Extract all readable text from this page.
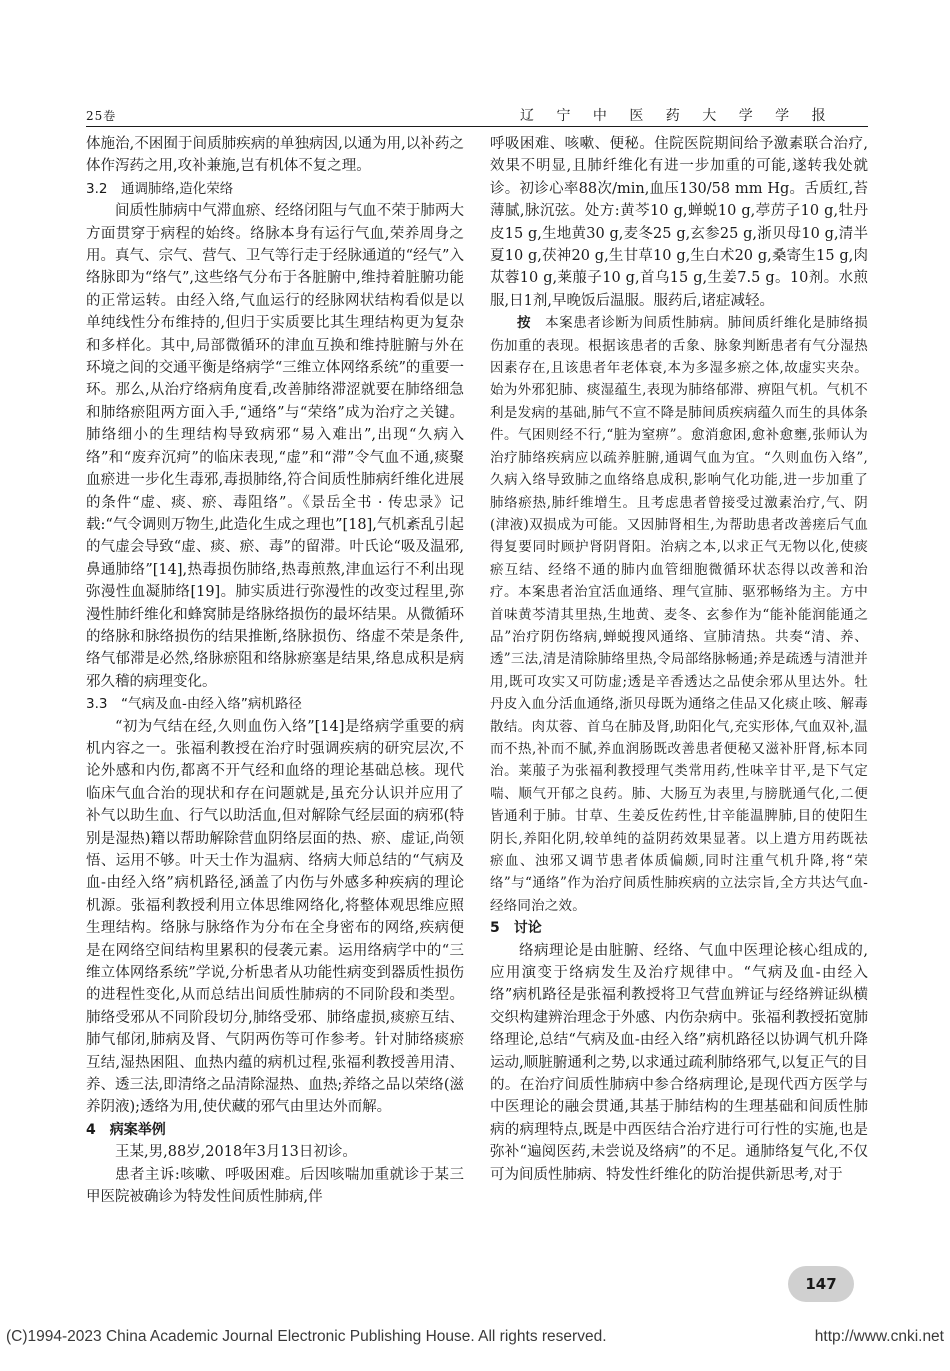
25卷	辽 宁 中 医 药 大 学 学 报

体施治,不困囿于间质肺疾病的单独病因,以通为用,以补药之体作泻药之用,攻补兼施,岂有机体不复之理。

3.2　通调肺络,造化荣络

间质性肺病中气滞血瘀、经络闭阻与气血不荣于肺两大方面贯穿于病程的始终。络脉本身有运行气血,荣养周身之用。真气、宗气、营气、卫气等行走于经脉通道的“经气”入络脉即为“络气”,这些络气分布于各脏腑中,维持着脏腑功能的正常运转。由经入络,气血运行的经脉网状结构看似是以单纯线性分布维持的,但归于实质要比其生理结构更为复杂和多样化。其中,局部微循环的津血互换和维持脏腑与外在环境之间的交通平衡是络病学“三维立体网络系统”的重要一环。那么,从治疗络病角度看,改善肺络滞涩就要在肺络细急和肺络瘀阻两方面入手,“通络”与“荣络”成为治疗之关键。肺络细小的生理结构导致病邪“易入难出”,出现“久病入络”和“废弃沉疴”的临床表现,“虚”和“滞”令气血不通,痰聚血瘀进一步化生毒邪,毒损肺络,符合间质性肺病纤维化进展的条件“虚、痰、瘀、毒阻络”。《景岳全书 · 传忠录》记载:“气令调则万物生,此造化生成之理也”[18],气机紊乱引起的气虚会导致“虚、痰、瘀、毒”的留滞。叶氏论“吸及温邪,鼻通肺络”[14],热毒损伤肺络,热毒煎熬,津血运行不利出现弥漫性血凝肺络[19]。肺实质进行弥漫性的改变过程里,弥漫性肺纤维化和蜂窝肺是络脉络损伤的最坏结果。从微循环的络脉和脉络损伤的结果推断,络脉损伤、络虚不荣是条件,络气郁滞是必然,络脉瘀阻和络脉瘀塞是结果,络息成积是病邪久稽的病理变化。

3.3　“气病及血-由经入络”病机路径

“初为气结在经,久则血伤入络”[14]是络病学重要的病机内容之一。张福利教授在治疗时强调疾病的研究层次,不论外感和内伤,都离不开气经和血络的理论基础总核。现代临床气血合治的现状和存在问题就是,虽充分认识并应用了补气以助生血、行气以助活血,但对解除气经层面的病邪(特别是湿热)籍以帮助解除营血阴络层面的热、瘀、虚证,尚领悟、运用不够。叶天士作为温病、络病大师总结的“气病及血-由经入络”病机路径,涵盖了内伤与外感多种疾病的理论机源。张福利教授利用立体思维网络化,将整体观思维应照生理结构。络脉与脉络作为分布在全身密布的网络,疾病便是在网络空间结构里累积的侵袭元素。运用络病学中的“三维立体网络系统”学说,分析患者从功能性病变到器质性损伤的进程性变化,从而总结出间质性肺病的不同阶段和类型。肺络受邪从不同阶段切分,肺络受邪、肺络虚损,痰瘀互结、肺气郁闭,肺病及肾、气阴两伤等可作参考。针对肺络痰瘀互结,湿热困阻、血热内蕴的病机过程,张福利教授善用清、养、透三法,即清络之品清除湿热、血热;养络之品以荣络(滋养阴液);透络为用,使伏藏的邪气由里达外而解。

4　病案举例

王某,男,88岁,2018年3月13日初诊。

患者主诉:咳嗽、呼吸困难。后因咳喘加重就诊于某三甲医院被确诊为特发性间质性肺病,伴

呼吸困难、咳嗽、便秘。住院医院期间给予激素联合治疗,效果不明显,且肺纤维化有进一步加重的可能,遂转我处就诊。初诊心率88次/min,血压130/58 mm Hg。舌质红,苔薄腻,脉沉弦。处方:黄芩10 g,蝉蜕10 g,葶苈子10 g,牡丹皮15 g,生地黄30 g,麦冬25 g,玄参25 g,浙贝母10 g,清半夏10 g,茯神20 g,生甘草10 g,生白术20 g,桑寄生15 g,肉苁蓉10 g,莱菔子10 g,首乌15 g,生姜7.5 g。10剂。水煎服,日1剂,早晚饭后温服。服药后,诸症减轻。

按　本案患者诊断为间质性肺病。肺间质纤维化是肺络损伤加重的表现。根据该患者的舌象、脉象判断患者有气分湿热因素存在,且该患者年老体衰,本为多湿多瘀之体,故虚实夹杂。始为外邪犯肺、痰湿蕴生,表现为肺络郁滞、痹阻气机。气机不利是发病的基础,肺气不宣不降是肺间质疾病蕴久而生的具体条件。气困则经不行,“脏为窒痹”。愈消愈困,愈补愈壅,张师认为治疗肺络疾病应以疏养脏腑,通调气血为宜。“久则血伤入络”,久病入络导致肺之血络络息成积,影响气化功能,进一步加重了肺络瘀热,肺纤维增生。且考虑患者曾接受过激素治疗,气、阴(津液)双损成为可能。又因肺肾相生,为帮助患者改善瘥后气血得复要同时顾护肾阴肾阳。治病之本,以求正气无物以化,使痰瘀互结、经络不通的肺内血管细胞微循环状态得以改善和治疗。本案患者治宜活血通络、理气宣肺、驱邪畅络为主。方中首味黄芩清其里热,生地黄、麦冬、玄参作为“能补能润能通之品”治疗阴伤络病,蝉蜕搜风通络、宣肺清热。共奏“清、养、透”三法,清是清除肺络里热,令局部络脉畅通;养是疏透与清泄并用,既可攻实又可防虚;透是辛香透达之品使余邪从里达外。牡丹皮入血分活血通络,浙贝母既为通络之佳品又化痰止咳、解毒散结。肉苁蓉、首乌在肺及肾,助阳化气,充实形体,气血双补,温而不热,补而不腻,养血润肠既改善患者便秘又滋补肝肾,标本同治。莱菔子为张福利教授理气类常用药,性味辛甘平,是下气定喘、顺气开郁之良药。肺、大肠互为表里,与膀胱通气化,二便皆通利于肺。甘草、生姜反佐药性,甘辛能温脾肺,目的使阳生阴长,养阳化阴,较单纯的益阴药效果显著。以上遣方用药既祛瘀血、浊邪又调节患者体质偏颇,同时注重气机升降,将“荣络”与“通络”作为治疗间质性肺疾病的立法宗旨,全方共达气血-经络同治之效。

5　讨论

络病理论是由脏腑、经络、气血中医理论核心组成的,应用演变于络病发生及治疗规律中。“气病及血-由经入络”病机路径是张福利教授将卫气营血辨证与经络辨证纵横交织构建辨治理念于外感、内伤杂病中。张福利教授拓宽肺络理论,总结“气病及血-由经入络”病机路径以协调气机升降运动,顺脏腑通利之势,以求通过疏利肺络邪气,以复正气的目的。在治疗间质性肺病中参合络病理论,是现代西方医学与中医理论的融会贯通,其基于肺结构的生理基础和间质性肺病的病理特点,既是中西医结合治疗进行可行性的实施,也是弥补“遍阅医药,未尝说及络病”的不足。通肺络复气化,不仅可为间质性肺病、特发性纤维化的防治提供新思考,对于

147
(C)1994-2023 China Academic Journal Electronic Publishing House. All rights reserved.	http://www.cnki.net
